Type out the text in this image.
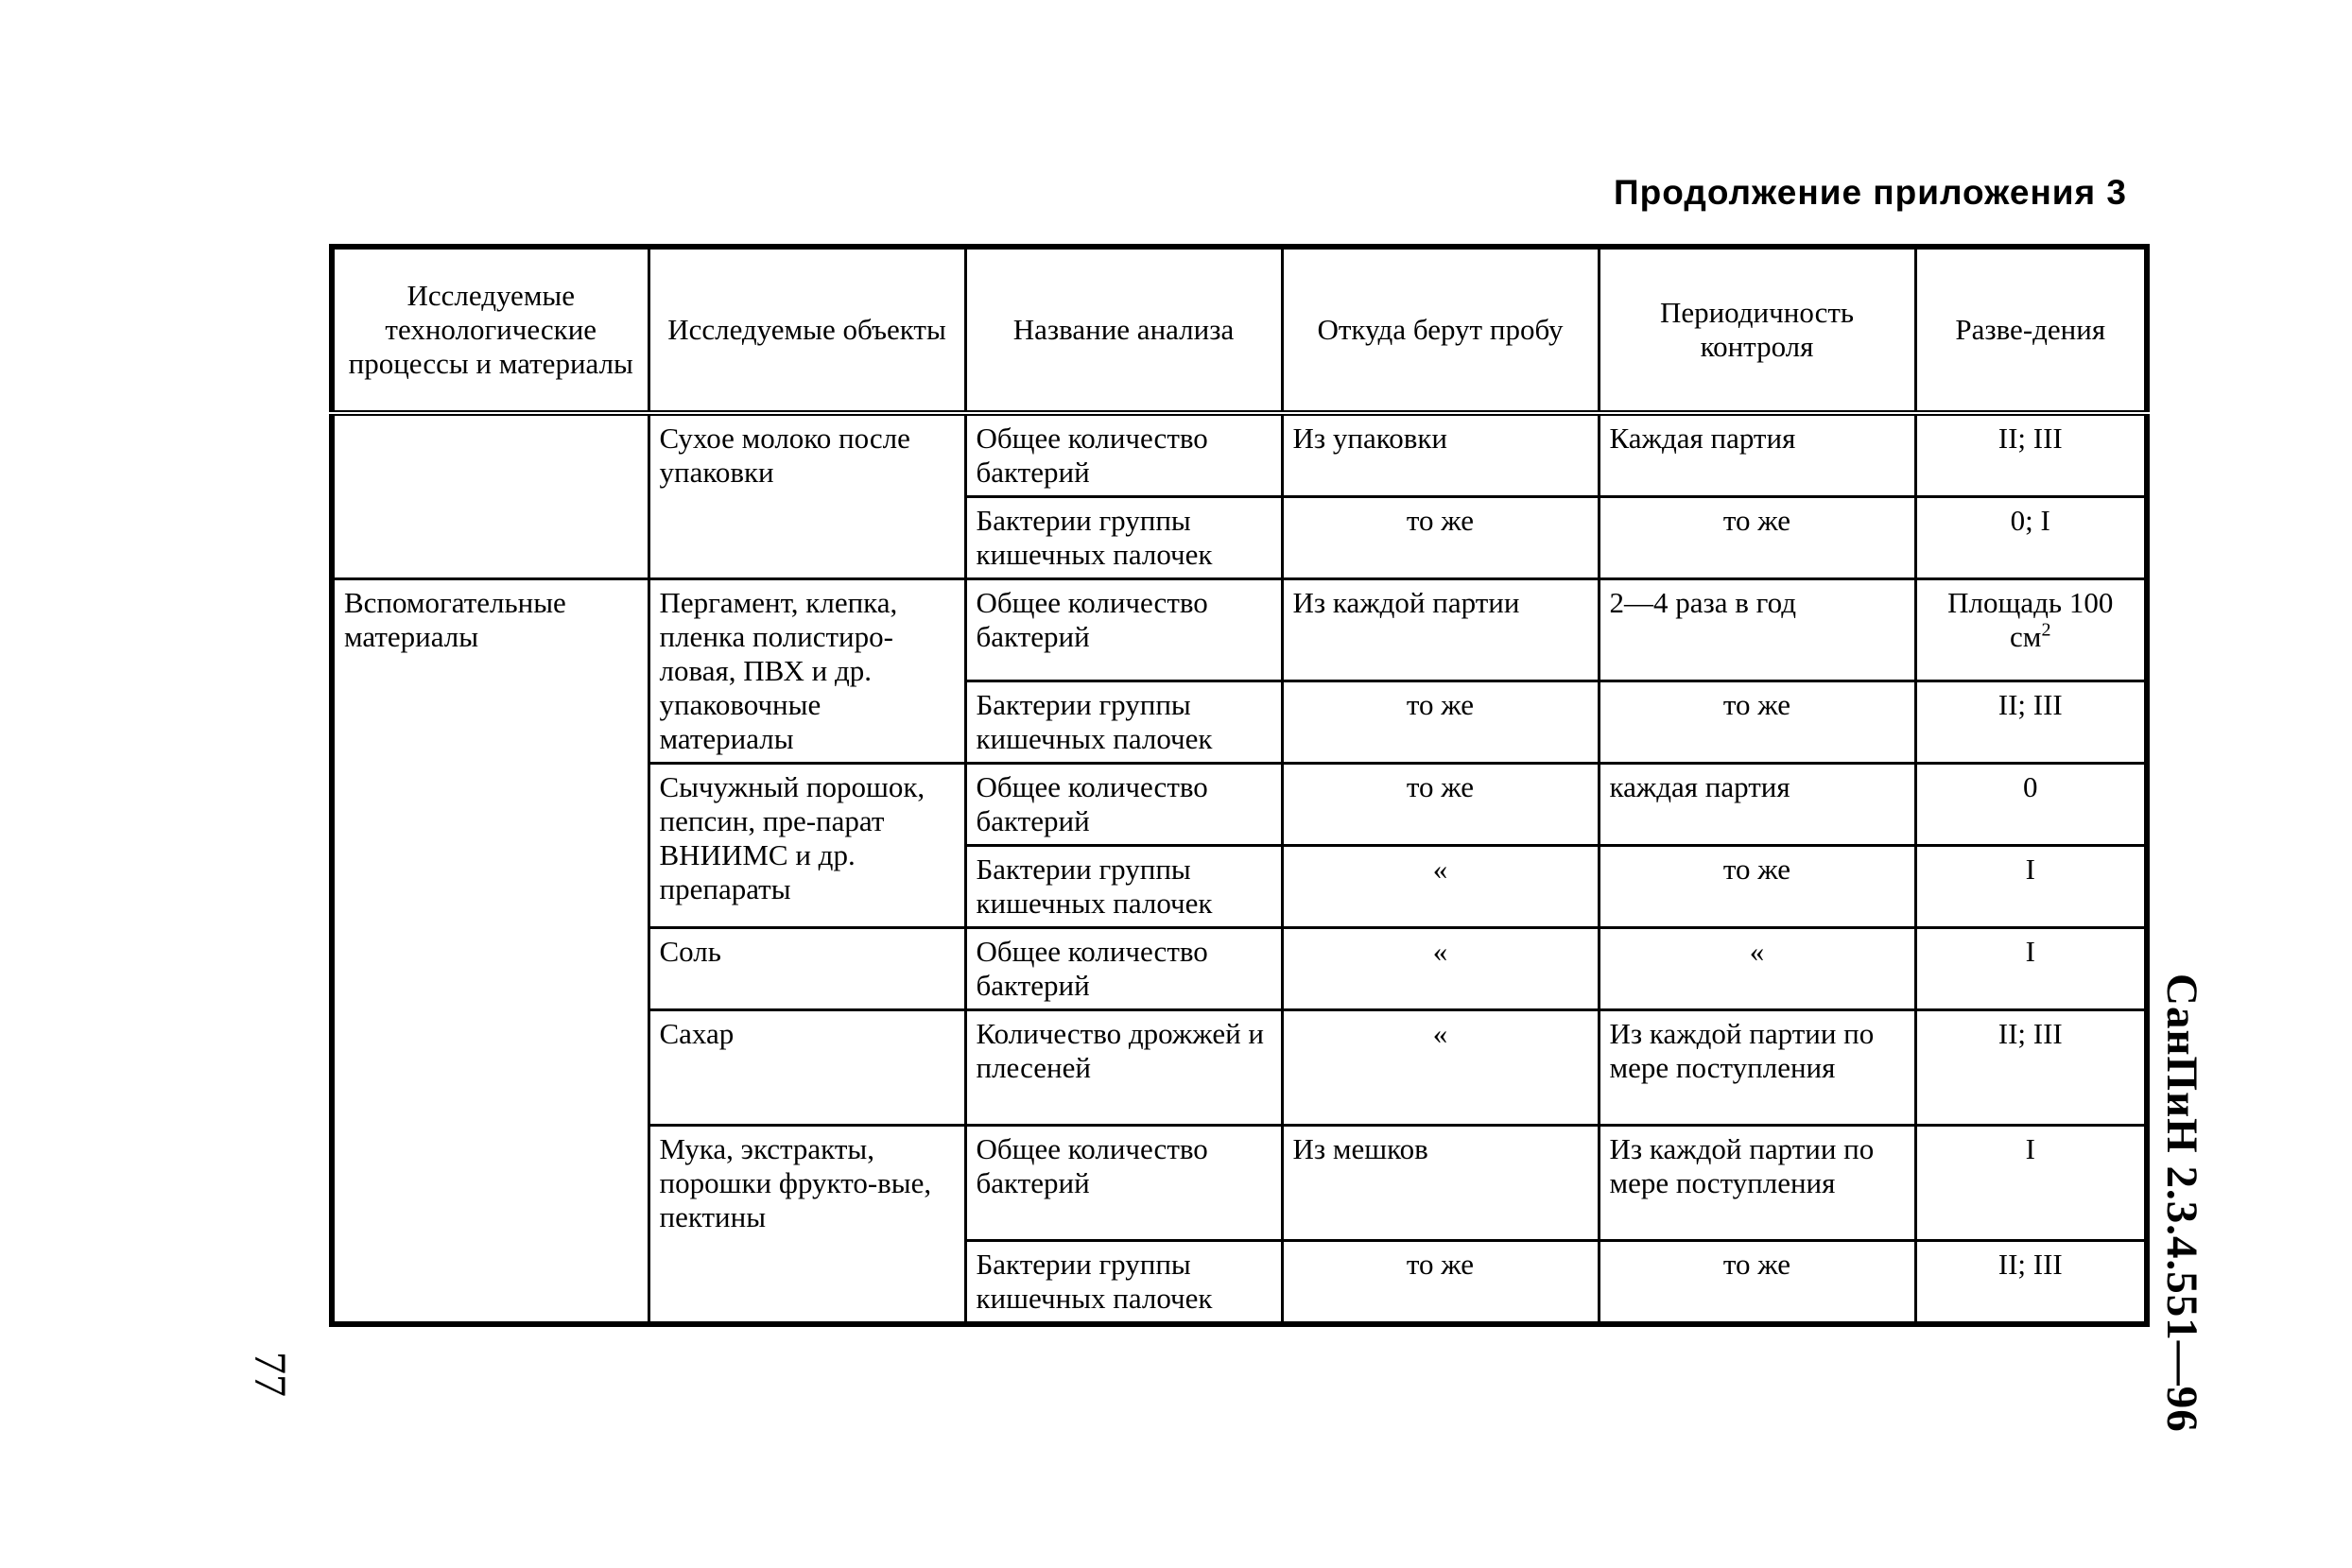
Продолжение приложения 3
Исследуемые технологические процессы и материалы	Исследуемые объекты	Название анализа	Откуда берут пробу	Периодичность контроля	Разве-дения
	Сухое молоко после упаковки	Общее количество бактерий	Из упаковки	Каждая партия	II; III
		Бактерии группы кишечных палочек	то же	то же	0; I
Вспомогательные материалы	Пергамент, клепка, пленка полистиро-ловая, ПВХ и др. упаковочные материалы	Общее количество бактерий	Из каждой партии	2—4 раза в год	Площадь 100 $см^2$
		Бактерии группы кишечных палочек	то же	то же	II; III
	Сычужный порошок, пепсин, пре-парат ВНИИМС и др. препараты	Общее количество бактерий	то же	каждая партия	0
		Бактерии группы кишечных палочек	«	то же	I
	Соль	Общее количество бактерий	«	«	I
	Сахар	Количество дрожжей и плесеней	«	Из каждой партии по мере поступления	II; III
	Мука, экстракты, порошки фрукто-вые, пектины	Общее количество бактерий	Из мешков	Из каждой партии по мере поступления	I
		Бактерии группы кишечных палочек	то же	то же	II; III СанПиН 2.3.4.551—96
77
